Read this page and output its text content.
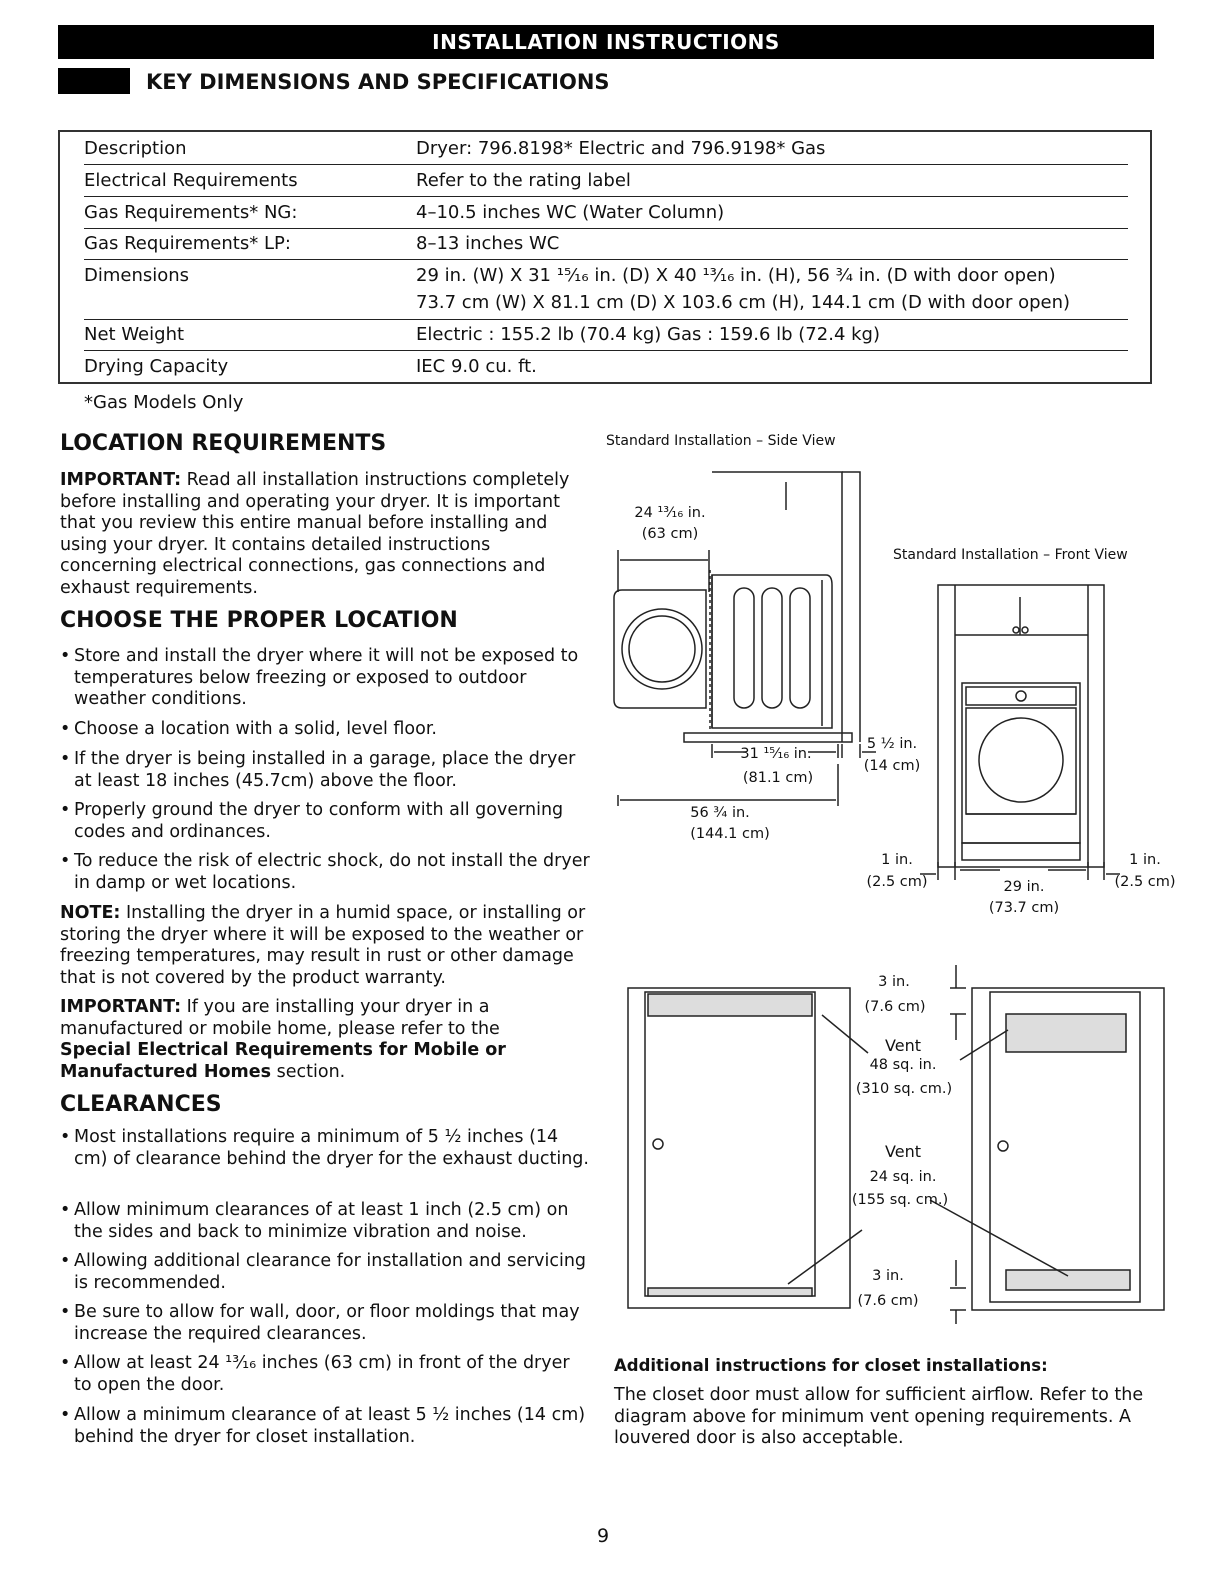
INSTALLATION INSTRUCTIONS
KEY DIMENSIONS AND SPECIFICATIONS
Description	Dryer: 796.8198* Electric and 796.9198* Gas
Electrical Requirements	Refer to the rating label
Gas Requirements* NG:	4–10.5 inches WC (Water Column)
Gas Requirements* LP:	8–13 inches WC
Dimensions	29 in. (W) X 31 ¹⁵⁄₁₆ in. (D) X 40 ¹³⁄₁₆ in. (H), 56 ¾ in. (D with door open)
73.7 cm (W) X 81.1 cm (D) X 103.6 cm (H), 144.1 cm (D with door open)
Net Weight	Electric : 155.2 lb (70.4 kg) Gas : 159.6 lb (72.4 kg)
Drying Capacity	IEC 9.0 cu. ft.
*Gas Models Only
LOCATION REQUIREMENTS
IMPORTANT: Read all installation instructions completely before installing and operating your dryer. It is important that you review this entire manual before installing and using your dryer. It contains detailed instructions concerning electrical connections, gas connections and exhaust requirements.
CHOOSE THE PROPER LOCATION
• Store and install the dryer where it will not be exposed to temperatures below freezing or exposed to outdoor weather conditions.
• Choose a location with a solid, level floor.
• If the dryer is being installed in a garage, place the dryer at least 18 inches (45.7cm) above the floor.
• Properly ground the dryer to conform with all governing codes and ordinances.
• To reduce the risk of electric shock, do not install the dryer in damp or wet locations.
NOTE: Installing the dryer in a humid space, or installing or storing the dryer where it will be exposed to the weather or freezing temperatures, may result in rust or other damage that is not covered by the product warranty.
IMPORTANT: If you are installing your dryer in a manufactured or mobile home, please refer to the Special Electrical Requirements for Mobile or Manufactured Homes section.
CLEARANCES
• Most installations require a minimum of 5 ½ inches (14 cm) of clearance behind the dryer for the exhaust ducting.
• Allow minimum clearances of at least 1 inch (2.5 cm) on the sides and back to minimize vibration and noise.
• Allowing additional clearance for installation and servicing is recommended.
• Be sure to allow for wall, door, or floor moldings that may increase the required clearances.
• Allow at least 24 ¹³⁄₁₆ inches (63 cm) in front of the dryer to open the door.
• Allow a minimum clearance of at least 5 ½ inches (14 cm) behind the dryer for closet installation.
Standard Installation – Side View
Standard Installation – Front View
24 ¹³⁄₁₆ in.
(63 cm)
31 ¹⁵⁄₁₆ in.
(81.1 cm)
5 ½ in.
(14 cm)
56 ¾ in.
(144.1 cm)
1 in.
(2.5 cm)	29 in.
(73.7 cm)
1 in.
(2.5 cm)
3 in.
(7.6 cm)
Vent
48 sq. in.
(310 sq. cm.)
Vent
24 sq. in.
(155 sq. cm.)
3 in.
(7.6 cm)
Additional instructions for closet installations:
The closet door must allow for sufficient airflow. Refer to the diagram above for minimum vent opening requirements. A louvered door is also acceptable.
9
